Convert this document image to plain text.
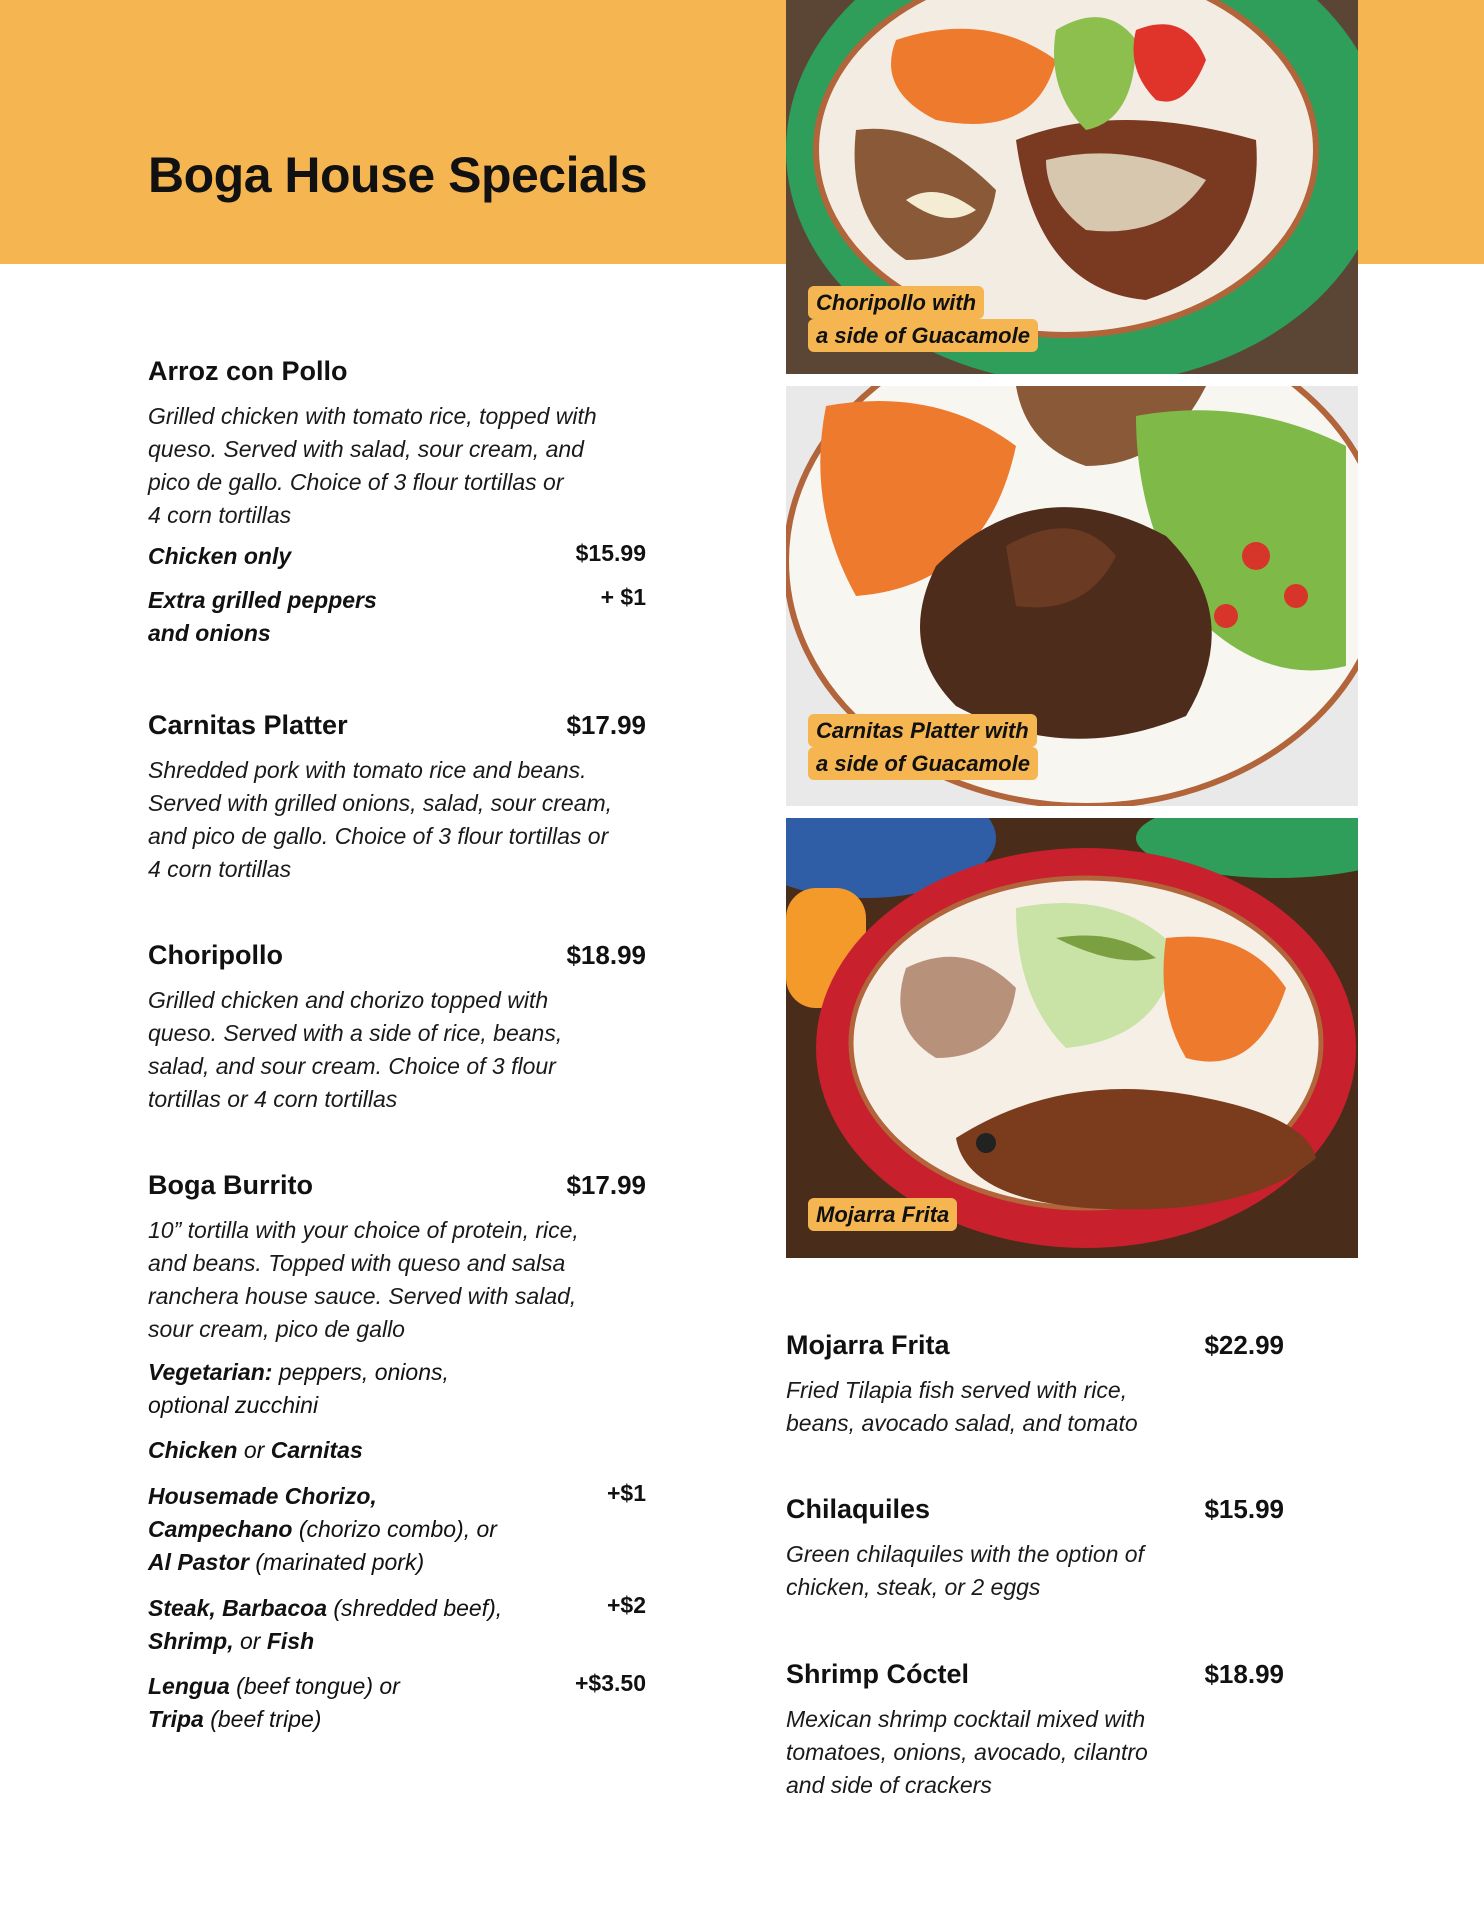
Boga House Specials
Choripollo with
a side of Guacamole
Carnitas Platter with
a side of Guacamole
Mojarra Frita
Arroz con Pollo
Grilled chicken with tomato rice, topped with
queso. Served with salad, sour cream, and
pico de gallo. Choice of 3 flour tortillas or
4 corn tortillas
Chicken only	$15.99
Extra grilled peppers
and onions
+ $1
Carnitas Platter	$17.99
Shredded pork with tomato rice and beans.
Served with grilled onions, salad, sour cream,
and pico de gallo. Choice of 3 flour tortillas or
4 corn tortillas
Choripollo	$18.99
Grilled chicken and chorizo topped with
queso. Served with a side of rice, beans,
salad, and sour cream. Choice of 3 flour
tortillas or 4 corn tortillas
Boga Burrito	$17.99
10” tortilla with your choice of protein, rice,
and beans. Topped with queso and salsa
ranchera house sauce. Served with salad,
sour cream, pico de gallo
Vegetarian: peppers, onions,
optional zucchini
Chicken or Carnitas
Housemade Chorizo,
Campechano (chorizo combo), or
Al Pastor (marinated pork)
+$1
Steak, Barbacoa (shredded beef),
Shrimp, or Fish
+$2
Lengua (beef tongue) or
Tripa (beef tripe)
+$3.50
Mojarra Frita	$22.99
Fried Tilapia fish served with rice,
beans, avocado salad, and tomato
Chilaquiles	$15.99
Green chilaquiles with the option of
chicken, steak, or 2 eggs
Shrimp Cóctel	$18.99
Mexican shrimp cocktail mixed with
tomatoes, onions, avocado, cilantro
and side of crackers
